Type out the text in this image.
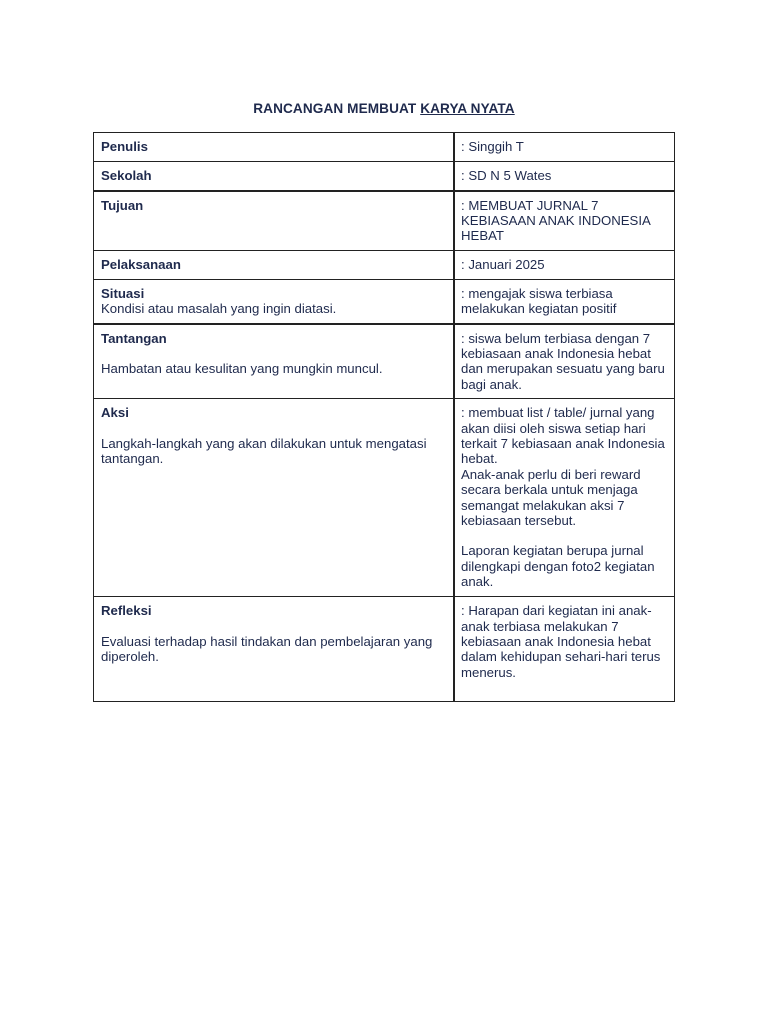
RANCANGAN MEMBUAT KARYA NYATA
Penulis	: Singgih T

Sekolah	: SD N 5 Wates

Tujuan	: MEMBUAT JURNAL 7 KEBIASAAN ANAK INDONESIA HEBAT

Pelaksanaan	: Januari 2025

Situasi
Kondisi atau masalah yang ingin diatasi.	: mengajak siswa terbiasa melakukan kegiatan positif

Tantangan
Hambatan atau kesulitan yang mungkin muncul.	: siswa belum terbiasa dengan 7 kebiasaan anak Indonesia hebat dan merupakan sesuatu yang baru bagi anak.

Aksi
Langkah-langkah yang akan dilakukan untuk mengatasi tantangan.	: membuat list / table/ jurnal yang akan diisi oleh siswa setiap hari terkait 7 kebiasaan anak Indonesia hebat.
Anak-anak perlu di beri reward secara berkala untuk menjaga semangat melakukan aksi 7 kebiasaan tersebut.
Laporan kegiatan berupa jurnal dilengkapi dengan foto2 kegiatan anak.

Refleksi
Evaluasi terhadap hasil tindakan dan pembelajaran yang diperoleh.	: Harapan dari kegiatan ini anak-anak terbiasa melakukan 7 kebiasaan anak Indonesia hebat dalam kehidupan sehari-hari terus menerus.
